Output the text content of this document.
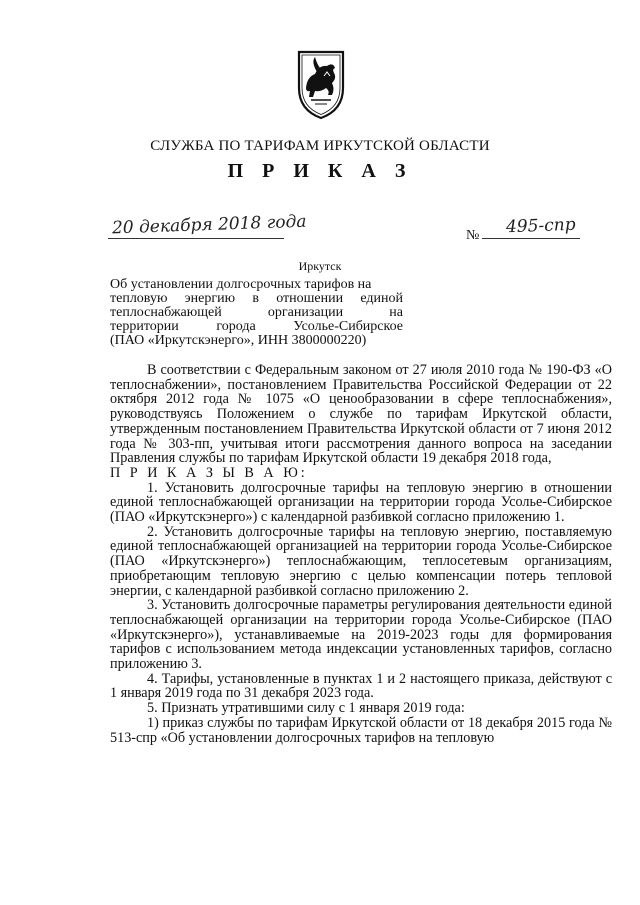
СЛУЖБА ПО ТАРИФАМ ИРКУТСКОЙ ОБЛАСТИ
П Р И К А З
20 декабря 2018 года	№ 495-спр
Иркутск
Об установлении долгосрочных тарифов на
тепловую энергию в отношении единой
теплоснабжающей организации на
территории города Усолье-Сибирское
(ПАО «Иркутскэнерго», ИНН 3800000220)

В соответствии с Федеральным законом от 27 июля 2010 года № 190-ФЗ «О теплоснабжении», постановлением Правительства Российской Федерации от 22 октября 2012 года № 1075 «О ценообразовании в сфере теплоснабжения», руководствуясь Положением о службе по тарифам Иркутской области, утвержденным постановлением Правительства Иркутской области от 7 июня 2012 года № 303-пп, учитывая итоги рассмотрения данного вопроса на заседании Правления службы по тарифам Иркутской области 19 декабря 2018 года,

П Р И К А З Ы В А Ю:

1. Установить долгосрочные тарифы на тепловую энергию в отношении единой теплоснабжающей организации на территории города Усолье-Сибирское (ПАО «Иркутскэнерго») с календарной разбивкой согласно приложению 1.

2. Установить долгосрочные тарифы на тепловую энергию, поставляемую единой теплоснабжающей организацией на территории города Усолье-Сибирское (ПАО «Иркутскэнерго») теплоснабжающим, теплосетевым организациям, приобретающим тепловую энергию с целью компенсации потерь тепловой энергии, с календарной разбивкой согласно приложению 2.

3. Установить долгосрочные параметры регулирования деятельности единой теплоснабжающей организации на территории города Усолье-Сибирское (ПАО «Иркутскэнерго»), устанавливаемые на 2019-2023 годы для формирования тарифов с использованием метода индексации установленных тарифов, согласно приложению 3.

4. Тарифы, установленные в пунктах 1 и 2 настоящего приказа, действуют с 1 января 2019 года по 31 декабря 2023 года.

5. Признать утратившими силу с 1 января 2019 года:

1) приказ службы по тарифам Иркутской области от 18 декабря 2015 года № 513-спр «Об установлении долгосрочных тарифов на тепловую
